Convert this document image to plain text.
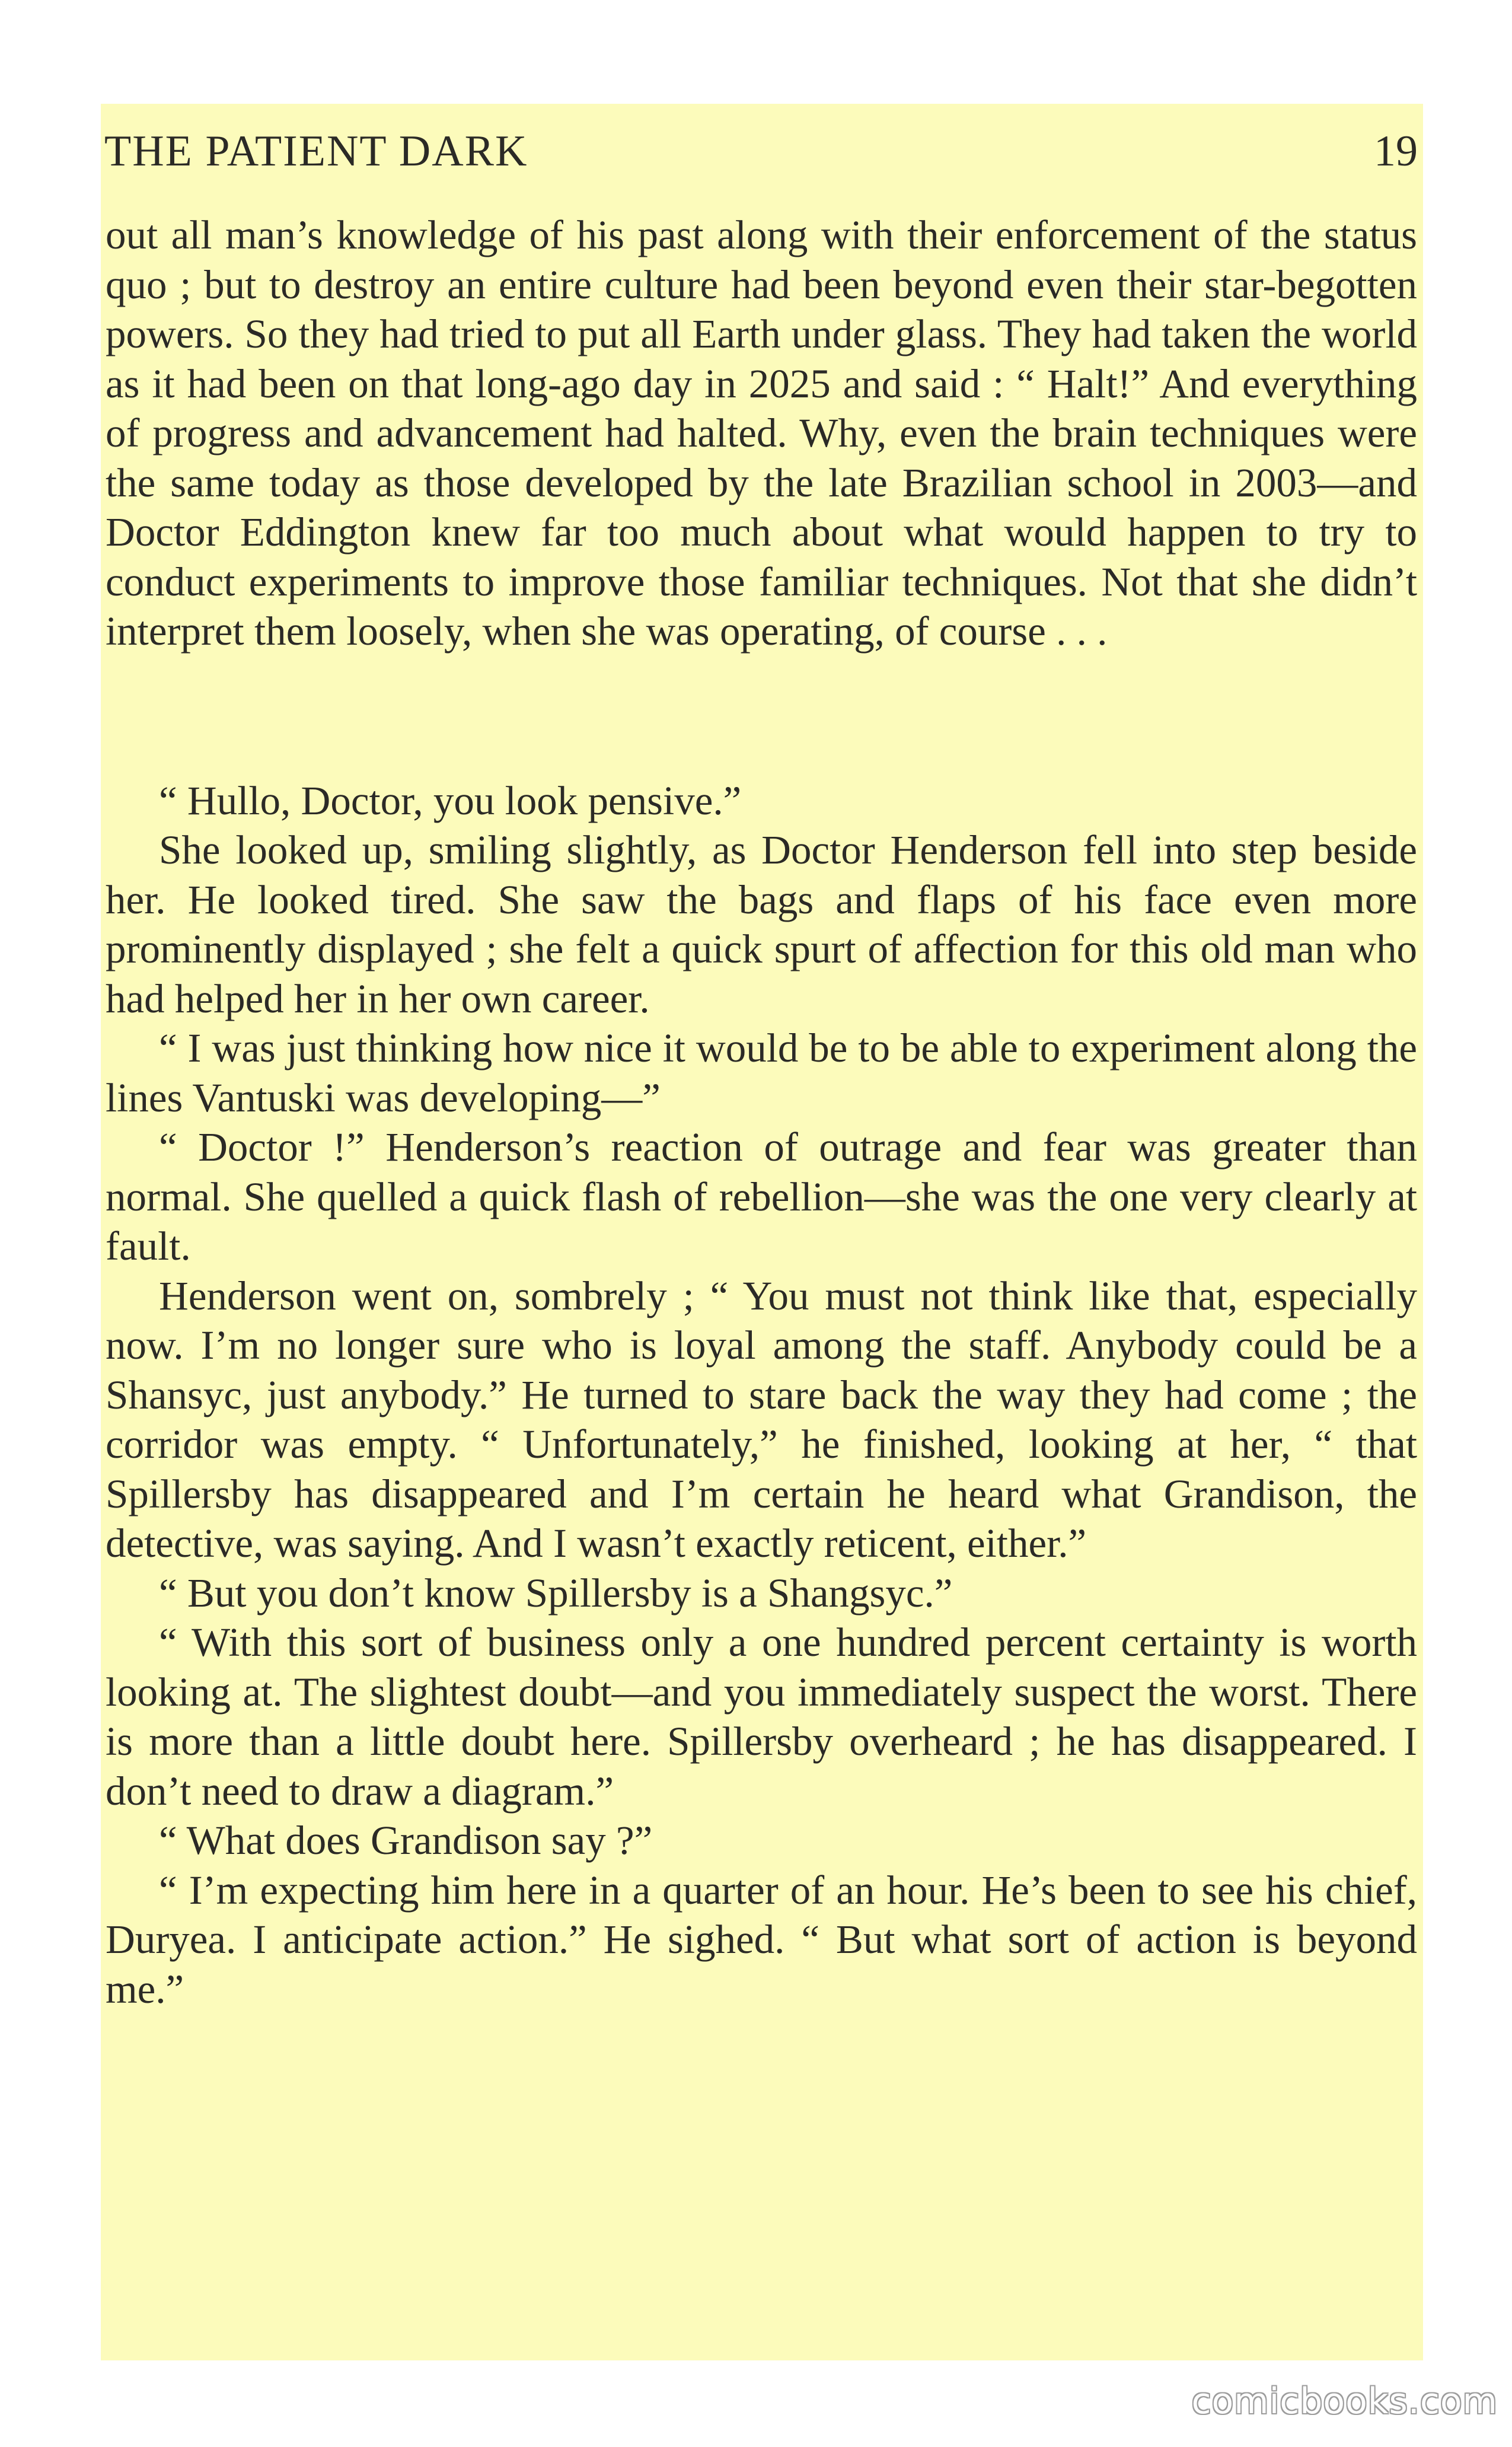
THE PATIENT DARK	19

out all man’s knowledge of his past along with their enforcement of the status quo ; but to destroy an entire culture had been beyond even their star-begotten powers. So they had tried to put all Earth under glass. They had taken the world as it had been on that long-ago day in 2025 and said : “ Halt!” And everything of progress and advancement had halted. Why, even the brain techniques were the same today as those developed by the late Brazilian school in 2003—and Doctor Eddington knew far too much about what would happen to try to conduct experiments to improve those familiar techniques. Not that she didn’t interpret them loosely, when she was operating, of course . . .

“ Hullo, Doctor, you look pensive.”

She looked up, smiling slightly, as Doctor Henderson fell into step beside her. He looked tired. She saw the bags and flaps of his face even more prominently displayed ; she felt a quick spurt of affection for this old man who had helped her in her own career.

“ I was just thinking how nice it would be to be able to experiment along the lines Vantuski was developing—”

“ Doctor !” Henderson’s reaction of outrage and fear was greater than normal. She quelled a quick flash of rebellion—she was the one very clearly at fault.

Henderson went on, sombrely ; “ You must not think like that, especially now. I’m no longer sure who is loyal among the staff. Anybody could be a Shansyc, just anybody.” He turned to stare back the way they had come ; the corridor was empty. “ Unfortunately,” he finished, looking at her, “ that Spillersby has disappeared and I’m certain he heard what Grandison, the detective, was saying. And I wasn’t exactly reticent, either.”

“ But you don’t know Spillersby is a Shangsyc.”

“ With this sort of business only a one hundred percent certainty is worth looking at. The slightest doubt—and you immediately suspect the worst. There is more than a little doubt here. Spillersby overheard ; he has disappeared. I don’t need to draw a diagram.”

“ What does Grandison say ?”

“ I’m expecting him here in a quarter of an hour. He’s been to see his chief, Duryea. I anticipate action.” He sighed. “ But what sort of action is beyond me.”

comicbooks.com
